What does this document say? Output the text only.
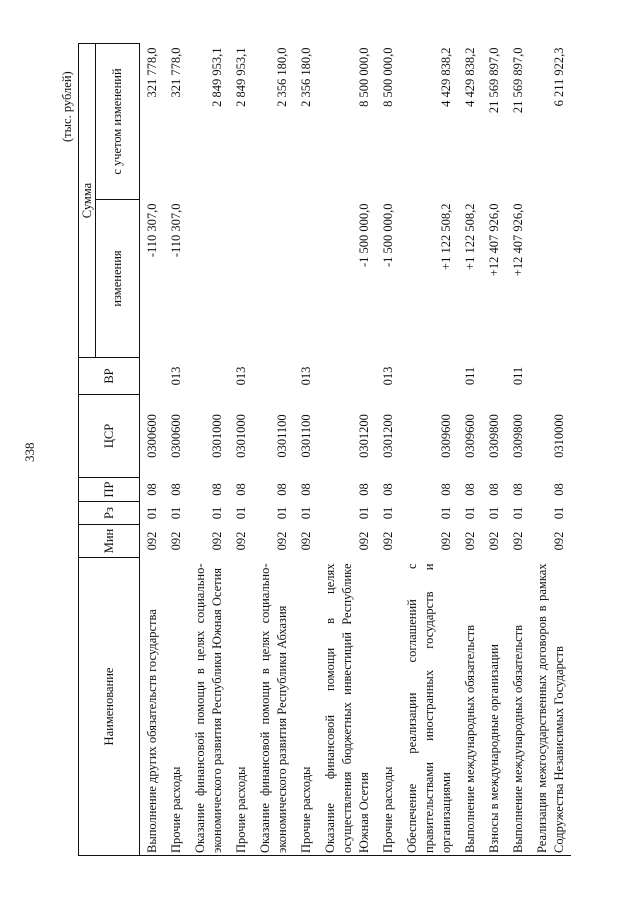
338
(тыс. рублей)
Наименование	Мин	Рз	ПР	ЦСР	ВР	Сумма	
						изменения	с учетом изменений
Выполнение других обязательств государства	092	01	08	0300600		-110 307,0	321 778,0
Прочие расходы	092	01	08	0300600	013	-110 307,0	321 778,0
Оказание финансовой помощи в целях социально-экономического развития Республики Южная Осетия	092	01	08	0301000			2 849 953,1
Прочие расходы	092	01	08	0301000	013		2 849 953,1
Оказание финансовой помощи в целях социально-экономического развития Республики Абхазия	092	01	08	0301100			2 356 180,0
Прочие расходы	092	01	08	0301100	013		2 356 180,0
Оказание финансовой помощи в целях осуществления бюджетных инвестиций Республике Южная Осетия	092	01	08	0301200		-1 500 000,0	8 500 000,0
Прочие расходы	092	01	08	0301200	013	-1 500 000,0	8 500 000,0
Обеспечение реализации соглашений с правительствами иностранных государств и организациями	092	01	08	0309600		+1 122 508,2	4 429 838,2
Выполнение международных обязательств	092	01	08	0309600	011	+1 122 508,2	4 429 838,2
Взносы в международные организации	092	01	08	0309800		+12 407 926,0	21 569 897,0
Выполнение международных обязательств	092	01	08	0309800	011	+12 407 926,0	21 569 897,0
Реализация межгосударственных договоров в рамках Содружества Независимых Государств	092	01	08	0310000			6 211 922,3
